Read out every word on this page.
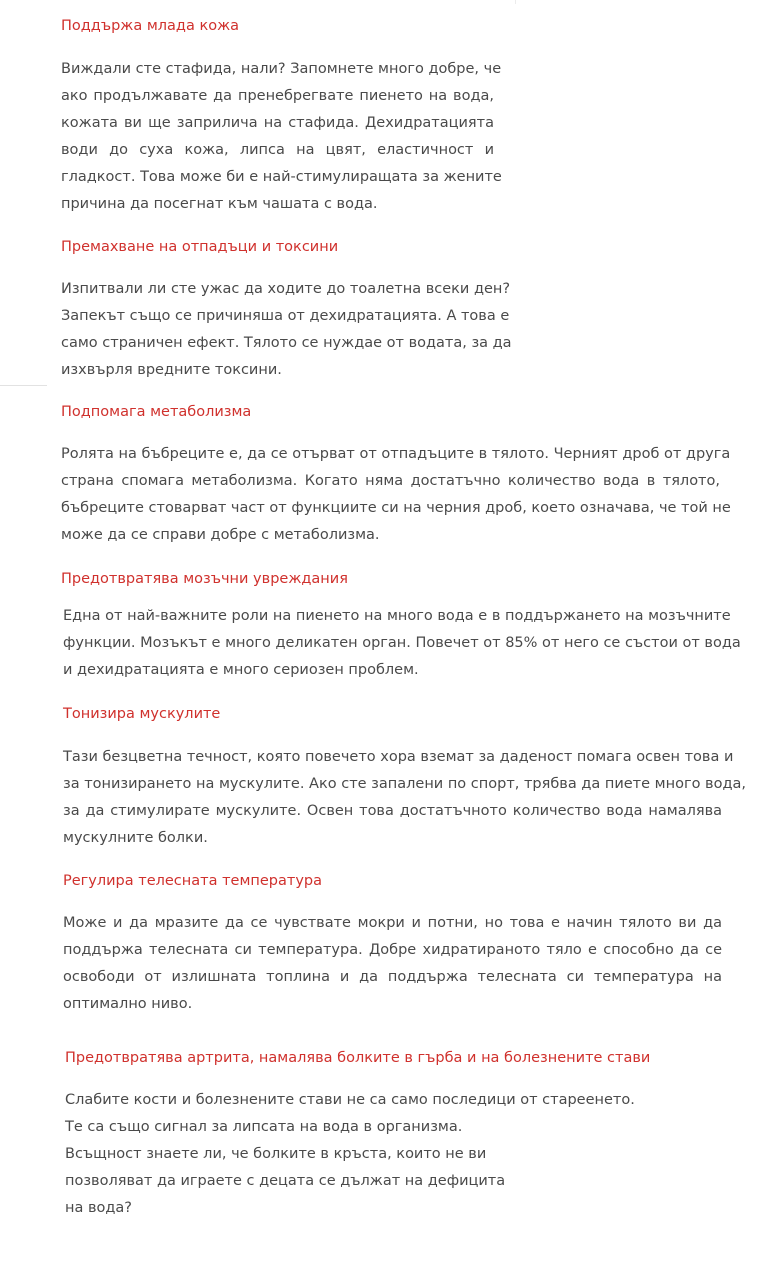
Поддържа млада кожа
Виждали сте стафида, нали? Запомнете много добре, че
ако продължавате да пренебрегвате пиенето на вода,
кожата ви ще заприлича на стафида. Дехидратацията
води до суха кожа, липса на цвят, еластичност и
гладкост. Това може би е най-стимулиращата за жените
причина да посегнат към чашата с вода.
Премахване на отпадъци и токсини
Изпитвали ли сте ужас да ходите до тоалетна всеки ден?
Запекът също се причиняша от дехидратацията. А това е
само страничен ефект. Тялото се нуждае от водата, за да
изхвърля вредните токсини.
Подпомага метаболизма
Ролята на бъбреците е, да се отърват от отпадъците в тялото. Черният дроб от друга
страна спомага метаболизма. Когато няма достатъчно количество вода в тялото,
бъбреците стоварват част от функциите си на черния дроб, което означава, че той не
може да се справи добре с метаболизма.
Предотвратява мозъчни увреждания
Една от най-важните роли на пиенето на много вода е в поддържането на мозъчните
функции. Мозъкът е много деликатен орган. Повечет от 85% от него се състои от вода
и дехидратацията е много сериозен проблем.
Тонизира мускулите
Тази безцветна течност, която повечето хора вземат за даденост помага освен това и
за тонизирането на мускулите. Ако сте запалени по спорт, трябва да пиете много вода,
за да стимулирате мускулите. Освен това достатъчното количество вода намалява
мускулните болки.
Регулира телесната температура
Може и да мразите да се чувствате мокри и потни, но това е начин тялото ви да
поддържа телесната си температура. Добре хидратираното тяло е способно да се
освободи от излишната топлина и да поддържа телесната си температура на
оптимално ниво.
Предотвратява артрита, намалява болките в гърба и на болезнените стави
Слабите кости и болезнените стави не са само последици от стареенето.
Те са също сигнал за липсата на вода в организма.
Всъщност знаете ли, че болките в кръста, които не ви
позволяват да играете с децата се дължат на дефицита
на вода?
